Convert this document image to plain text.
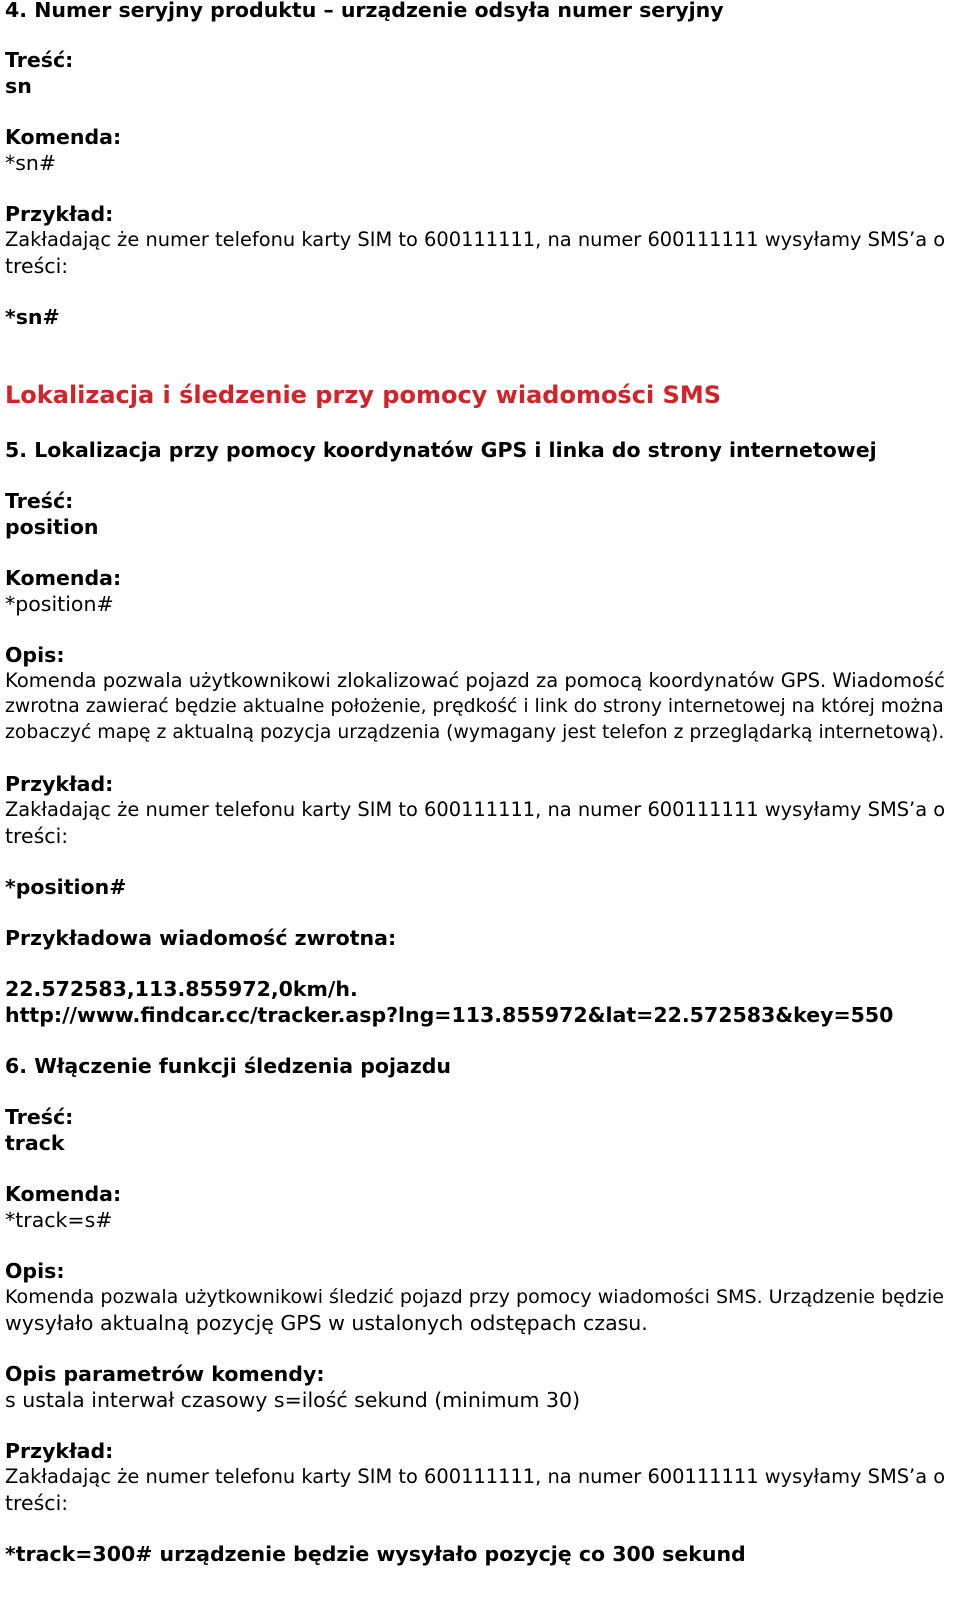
4. Numer seryjny produktu – urządzenie odsyła numer seryjny
Treść:
sn
Komenda:
*sn#
Przykład:
Zakładając że numer telefonu karty SIM to 600111111, na numer 600111111 wysyłamy SMS’a o
treści:
*sn#
Lokalizacja i śledzenie przy pomocy wiadomości SMS
5. Lokalizacja przy pomocy koordynatów GPS i linka do strony internetowej
Treść:
position
Komenda:
*position#
Opis:
Komenda pozwala użytkownikowi zlokalizować pojazd za pomocą koordynatów GPS. Wiadomość
zwrotna zawierać będzie aktualne położenie, prędkość i link do strony internetowej na której można
zobaczyć mapę z aktualną pozycja urządzenia (wymagany jest telefon z przeglądarką internetową).
Przykład:
Zakładając że numer telefonu karty SIM to 600111111, na numer 600111111 wysyłamy SMS’a o
treści:
*position#
Przykładowa wiadomość zwrotna:
22.572583,113.855972,0km/h.
http://www.findcar.cc/tracker.asp?lng=113.855972&lat=22.572583&key=550
6. Włączenie funkcji śledzenia pojazdu
Treść:
track
Komenda:
*track=s#
Opis:
Komenda pozwala użytkownikowi śledzić pojazd przy pomocy wiadomości SMS. Urządzenie będzie
wysyłało aktualną pozycję GPS w ustalonych odstępach czasu.
Opis parametrów komendy:
s ustala interwał czasowy s=ilość sekund (minimum 30)
Przykład:
Zakładając że numer telefonu karty SIM to 600111111, na numer 600111111 wysyłamy SMS’a o
treści:
*track=300# urządzenie będzie wysyłało pozycję co 300 sekund
